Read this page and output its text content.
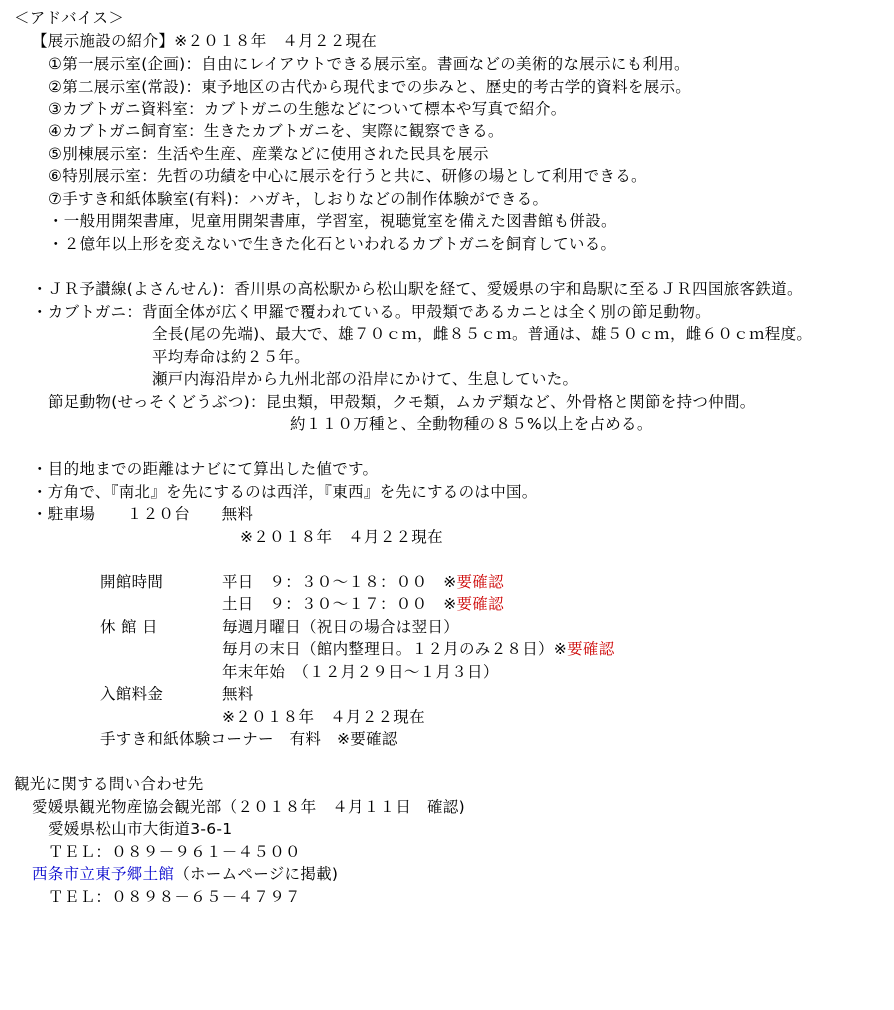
＜アドバイス＞
【展示施設の紹介】※２０１８年　４月２２現在
①第一展示室(企画)：自由にレイアウトできる展示室。書画などの美術的な展示にも利用。
②第二展示室(常設)：東予地区の古代から現代までの歩みと、歴史的考古学的資料を展示。
③カブトガニ資料室：カブトガニの生態などについて標本や写真で紹介。
④カブトガニ飼育室：生きたカブトガニを、実際に観察できる。
⑤別棟展示室：生活や生産、産業などに使用された民具を展示
⑥特別展示室：先哲の功績を中心に展示を行うと共に、研修の場として利用できる。
⑦手すき和紙体験室(有料)：ハガキ，しおりなどの制作体験ができる。
・一般用開架書庫，児童用開架書庫，学習室，視聴覚室を備えた図書館も併設。
・２億年以上形を変えないで生きた化石といわれるカブトガニを飼育している。
・ＪＲ予讃線(よさんせん)：香川県の高松駅から松山駅を経て、愛媛県の宇和島駅に至るＪＲ四国旅客鉄道。
・カブトガニ：背面全体が広く甲羅で覆われている。甲殻類であるカニとは全く別の節足動物。
全長(尾の先端)、最大で、雄７０ｃｍ，雌８５ｃｍ。普通は、雄５０ｃｍ，雌６０ｃｍ程度。
平均寿命は約２５年。
瀬戸内海沿岸から九州北部の沿岸にかけて、生息していた。
節足動物(せっそくどうぶつ)：昆虫類，甲殻類，クモ類，ムカデ類など、外骨格と関節を持つ仲間。
約１１０万種と、全動物種の８５%以上を占める。
・目的地までの距離はナビにて算出した値です。
・方角で、『南北』を先にするのは西洋，『東西』を先にするのは中国。
・駐車場　　１２０台　　無料
※２０１８年　４月２２現在
開館時間	平日　９：３０～１８：００　※要確認
土日　９：３０～１７：００　※要確認
休 館 日	毎週月曜日（祝日の場合は翌日）
毎月の末日（館内整理日。１２月のみ２８日）※要確認
年末年始　（１２月２９日～１月３日）
入館料金	無料
※２０１８年　４月２２現在
手すき和紙体験コーナー　有料　※要確認
観光に関する問い合わせ先
愛媛県観光物産協会観光部（２０１８年　４月１１日　確認)
愛媛県松山市大街道3-6-1
ＴＥＬ：０８９－９６１－４５００
西条市立東予郷土館（ホームページに掲載)
ＴＥＬ：０８９８－６５－４７９７
